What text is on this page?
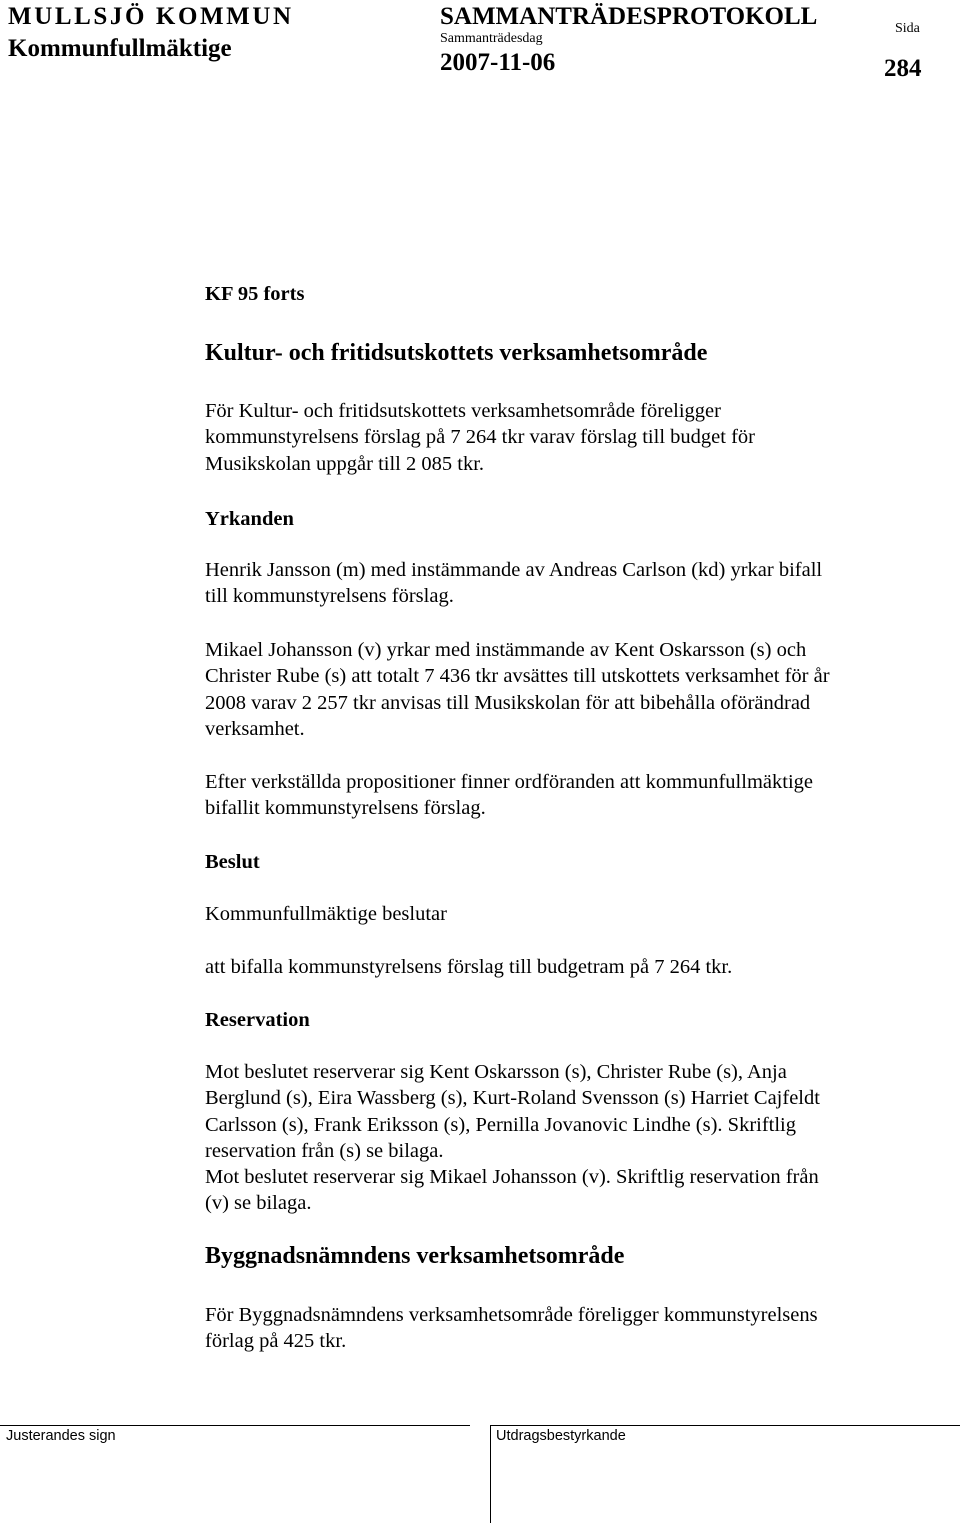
MULLSJÖ KOMMUN
Kommunfullmäktige
SAMMANTRÄDESPROTOKOLL
Sammanträdesdag
2007-11-06
Sida
284

KF 95 forts

Kultur- och fritidsutskottets verksamhetsområde

För Kultur- och fritidsutskottets verksamhetsområde föreligger

kommunstyrelsens förslag på 7 264 tkr varav förslag till budget för

Musikskolan uppgår till 2 085 tkr.

Yrkanden

Henrik Jansson (m) med instämmande av Andreas Carlson (kd) yrkar bifall

till kommunstyrelsens förslag.

Mikael Johansson (v) yrkar med instämmande av Kent Oskarsson (s) och

Christer Rube (s) att totalt 7 436 tkr avsättes till utskottets verksamhet för år

2008 varav 2 257 tkr anvisas till Musikskolan för att bibehålla oförändrad

verksamhet.

Efter verkställda propositioner finner ordföranden att kommunfullmäktige

bifallit kommunstyrelsens förslag.

Beslut

Kommunfullmäktige beslutar

att bifalla kommunstyrelsens förslag till budgetram på 7 264 tkr.

Reservation

Mot beslutet reserverar sig Kent Oskarsson (s), Christer Rube (s), Anja

Berglund (s), Eira Wassberg (s), Kurt-Roland Svensson (s) Harriet Cajfeldt

Carlsson (s), Frank Eriksson (s), Pernilla Jovanovic Lindhe (s). Skriftlig

reservation från (s) se bilaga.

Mot beslutet reserverar sig Mikael Johansson (v). Skriftlig reservation från

(v) se bilaga.

Byggnadsnämndens verksamhetsområde

För Byggnadsnämndens verksamhetsområde föreligger kommunstyrelsens

förlag på 425 tkr.

Justerandes sign	Utdragsbestyrkande
